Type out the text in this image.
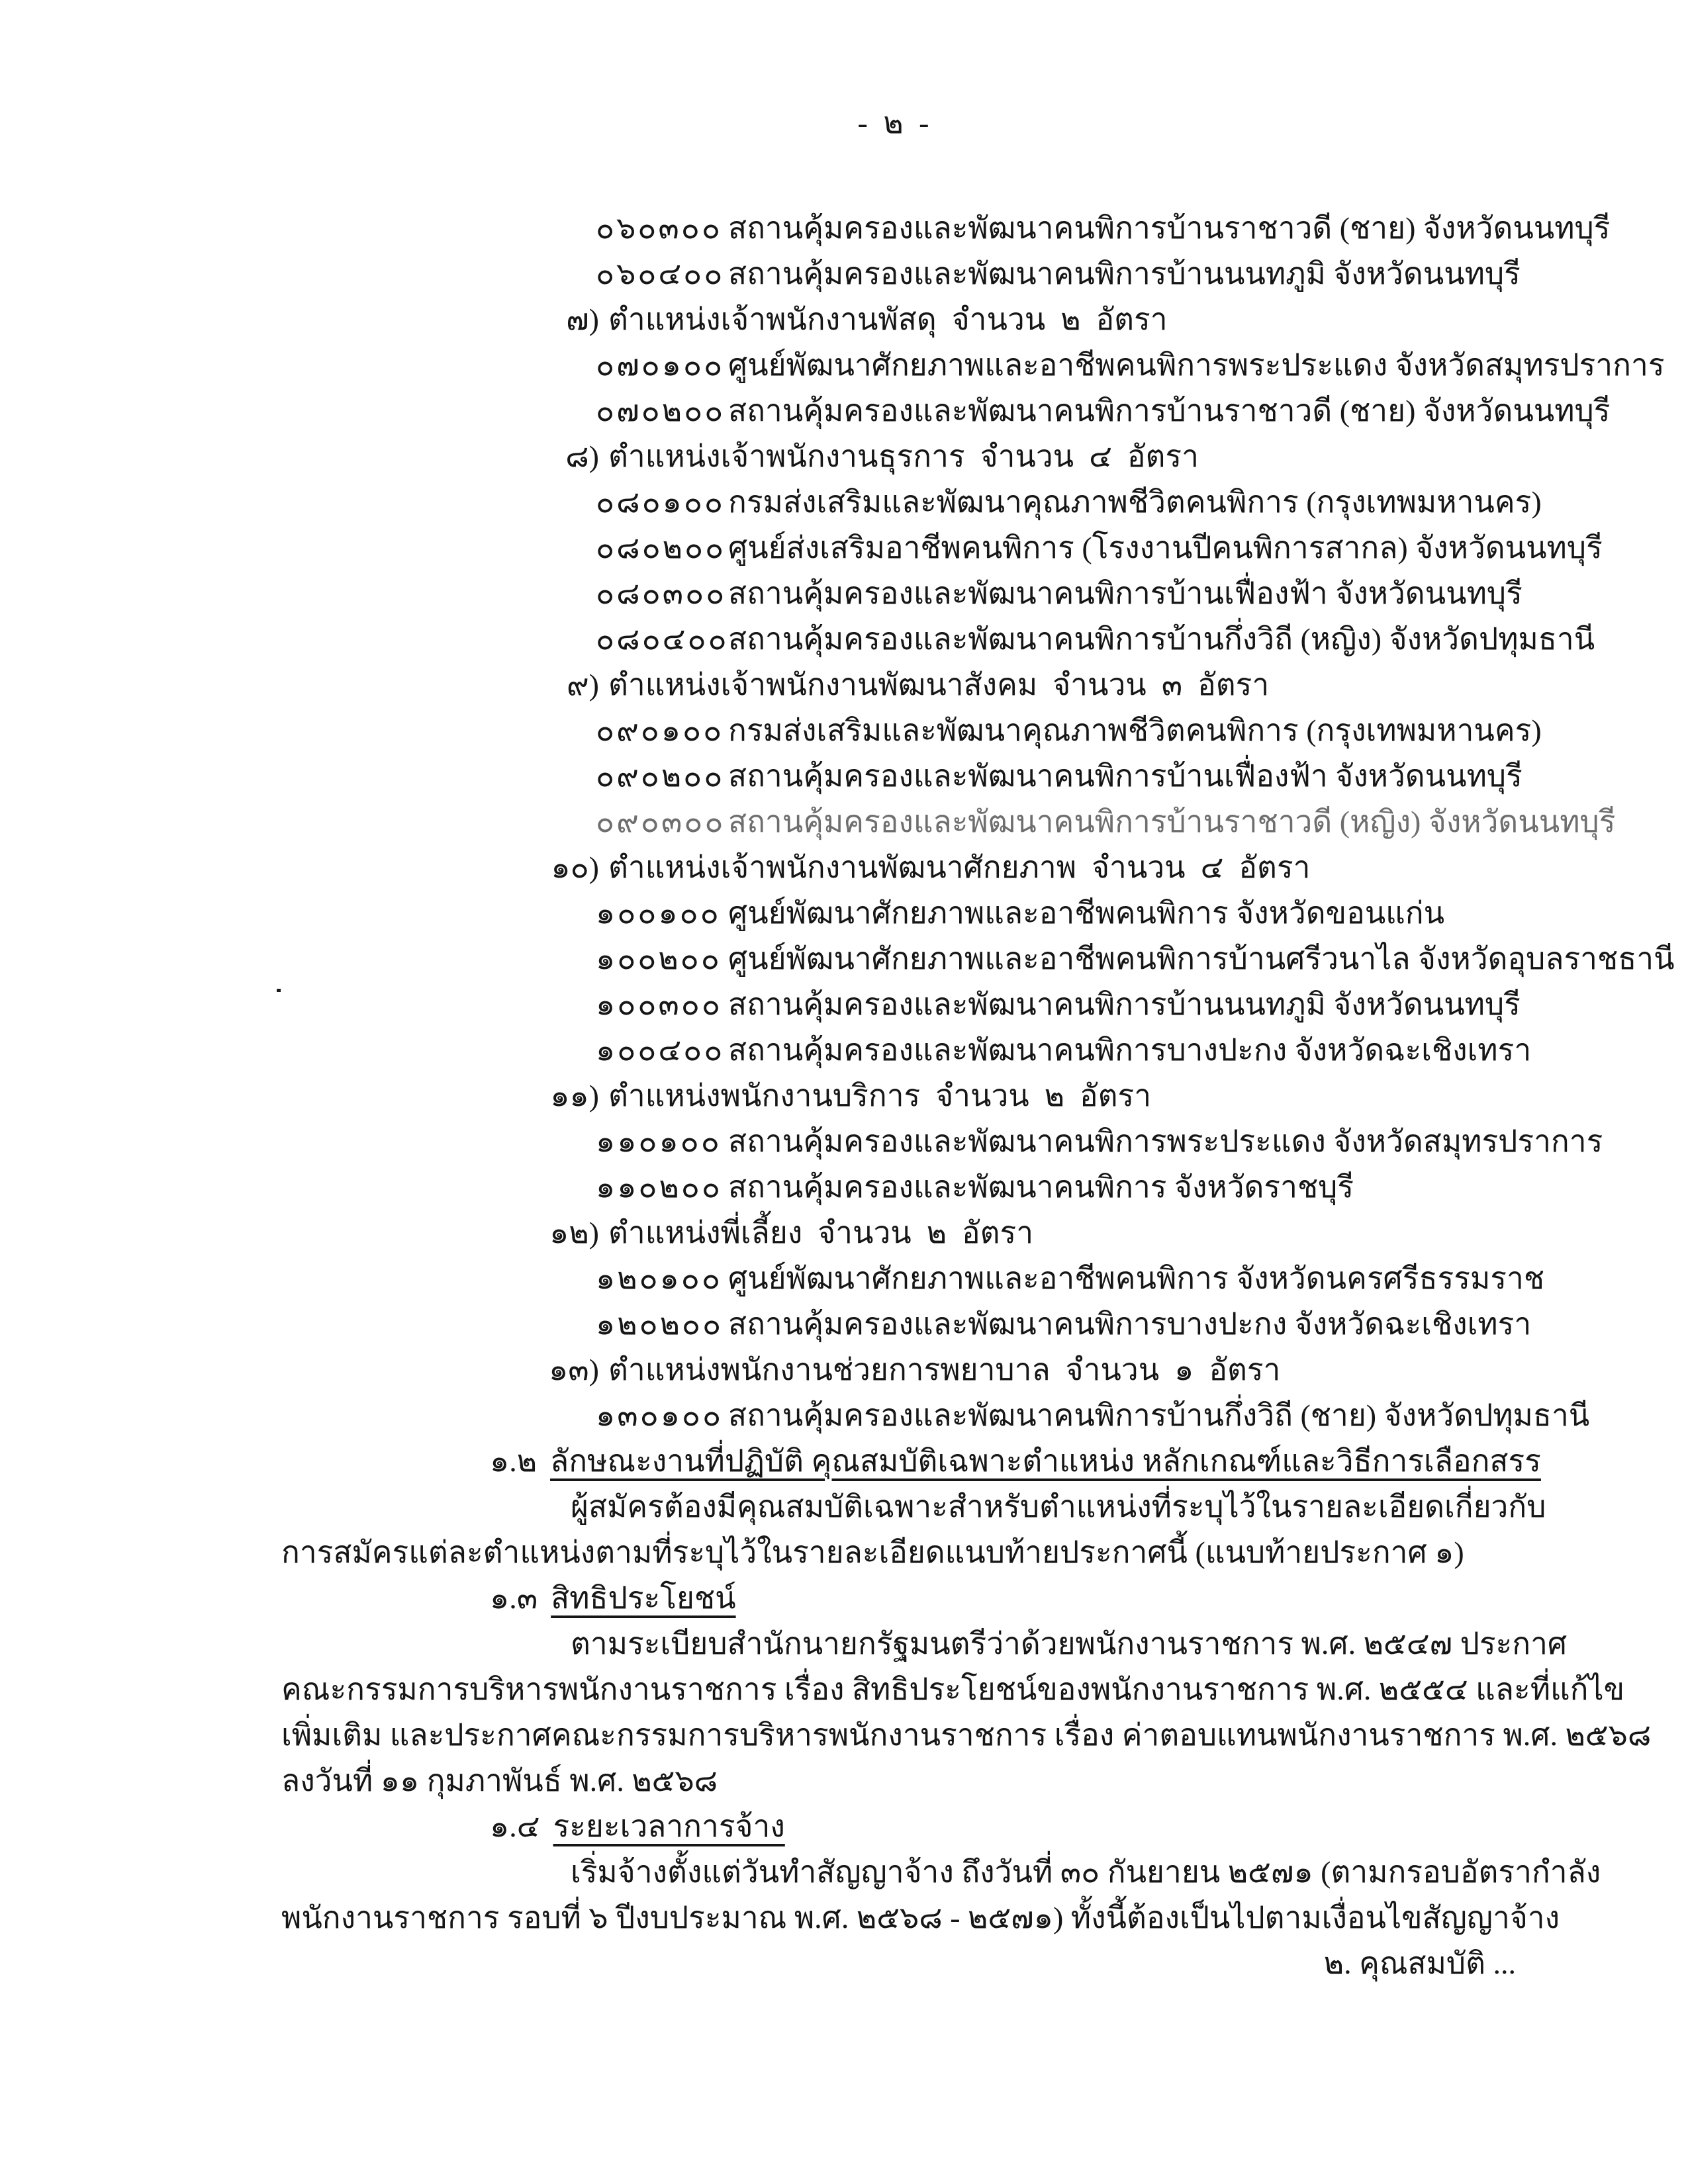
- ๒ -
๐๖๐๓๐๐ สถานคุ้มครองและพัฒนาคนพิการบ้านราชาวดี (ชาย) จังหวัดนนทบุรี
๐๖๐๔๐๐ สถานคุ้มครองและพัฒนาคนพิการบ้านนนทภูมิ จังหวัดนนทบุรี
๗) ตำแหน่งเจ้าพนักงานพัสดุ  จำนวน  ๒  อัตรา
๐๗๐๑๐๐ ศูนย์พัฒนาศักยภาพและอาชีพคนพิการพระประแดง จังหวัดสมุทรปราการ
๐๗๐๒๐๐ สถานคุ้มครองและพัฒนาคนพิการบ้านราชาวดี (ชาย) จังหวัดนนทบุรี
๘) ตำแหน่งเจ้าพนักงานธุรการ  จำนวน  ๔  อัตรา
๐๘๐๑๐๐ กรมส่งเสริมและพัฒนาคุณภาพชีวิตคนพิการ (กรุงเทพมหานคร)
๐๘๐๒๐๐ศูนย์ส่งเสริมอาชีพคนพิการ (โรงงานปีคนพิการสากล) จังหวัดนนทบุรี
๐๘๐๓๐๐สถานคุ้มครองและพัฒนาคนพิการบ้านเฟื่องฟ้า จังหวัดนนทบุรี
๐๘๐๔๐๐สถานคุ้มครองและพัฒนาคนพิการบ้านกึ่งวิถี (หญิง) จังหวัดปทุมธานี
๙) ตำแหน่งเจ้าพนักงานพัฒนาสังคม  จำนวน  ๓  อัตรา
๐๙๐๑๐๐ กรมส่งเสริมและพัฒนาคุณภาพชีวิตคนพิการ (กรุงเทพมหานคร)
๐๙๐๒๐๐ สถานคุ้มครองและพัฒนาคนพิการบ้านเฟื่องฟ้า จังหวัดนนทบุรี
๐๙๐๓๐๐สถานคุ้มครองและพัฒนาคนพิการบ้านราชาวดี (หญิง) จังหวัดนนทบุรี
๑๐) ตำแหน่งเจ้าพนักงานพัฒนาศักยภาพ  จำนวน  ๔  อัตรา
๑๐๐๑๐๐ ศูนย์พัฒนาศักยภาพและอาชีพคนพิการ จังหวัดขอนแก่น
๑๐๐๒๐๐ ศูนย์พัฒนาศักยภาพและอาชีพคนพิการบ้านศรีวนาไล จังหวัดอุบลราชธานี
๑๐๐๓๐๐ สถานคุ้มครองและพัฒนาคนพิการบ้านนนทภูมิ จังหวัดนนทบุรี
๑๐๐๔๐๐ สถานคุ้มครองและพัฒนาคนพิการบางปะกง จังหวัดฉะเชิงเทรา
๑๑) ตำแหน่งพนักงานบริการ  จำนวน  ๒  อัตรา
๑๑๐๑๐๐ สถานคุ้มครองและพัฒนาคนพิการพระประแดง จังหวัดสมุทรปราการ
๑๑๐๒๐๐ สถานคุ้มครองและพัฒนาคนพิการ จังหวัดราชบุรี
๑๒) ตำแหน่งพี่เลี้ยง  จำนวน  ๒  อัตรา
๑๒๐๑๐๐ ศูนย์พัฒนาศักยภาพและอาชีพคนพิการ จังหวัดนครศรีธรรมราช
๑๒๐๒๐๐ สถานคุ้มครองและพัฒนาคนพิการบางปะกง จังหวัดฉะเชิงเทรา
๑๓) ตำแหน่งพนักงานช่วยการพยาบาล  จำนวน  ๑  อัตรา
๑๓๐๑๐๐ สถานคุ้มครองและพัฒนาคนพิการบ้านกึ่งวิถี (ชาย) จังหวัดปทุมธานี
๑.๒ ลักษณะงานที่ปฏิบัติ คุณสมบัติเฉพาะตำแหน่ง หลักเกณฑ์และวิธีการเลือกสรร
ผู้สมัครต้องมีคุณสมบัติเฉพาะสำหรับตำแหน่งที่ระบุไว้ในรายละเอียดเกี่ยวกับ
การสมัครแต่ละตำแหน่งตามที่ระบุไว้ในรายละเอียดแนบท้ายประกาศนี้ (แนบท้ายประกาศ ๑)
๑.๓ สิทธิประโยชน์
ตามระเบียบสำนักนายกรัฐมนตรีว่าด้วยพนักงานราชการ พ.ศ. ๒๕๔๗ ประกาศ
คณะกรรมการบริหารพนักงานราชการ เรื่อง สิทธิประโยชน์ของพนักงานราชการ พ.ศ. ๒๕๕๔ และที่แก้ไข
เพิ่มเติม และประกาศคณะกรรมการบริหารพนักงานราชการ เรื่อง ค่าตอบแทนพนักงานราชการ พ.ศ. ๒๕๖๘
ลงวันที่ ๑๑ กุมภาพันธ์ พ.ศ. ๒๕๖๘
๑.๔ ระยะเวลาการจ้าง
เริ่มจ้างตั้งแต่วันทำสัญญาจ้าง ถึงวันที่ ๓๐ กันยายน ๒๕๗๑ (ตามกรอบอัตรากำลัง
พนักงานราชการ รอบที่ ๖ ปีงบประมาณ พ.ศ. ๒๕๖๘ - ๒๕๗๑) ทั้งนี้ต้องเป็นไปตามเงื่อนไขสัญญาจ้าง
๒. คุณสมบัติ ...
